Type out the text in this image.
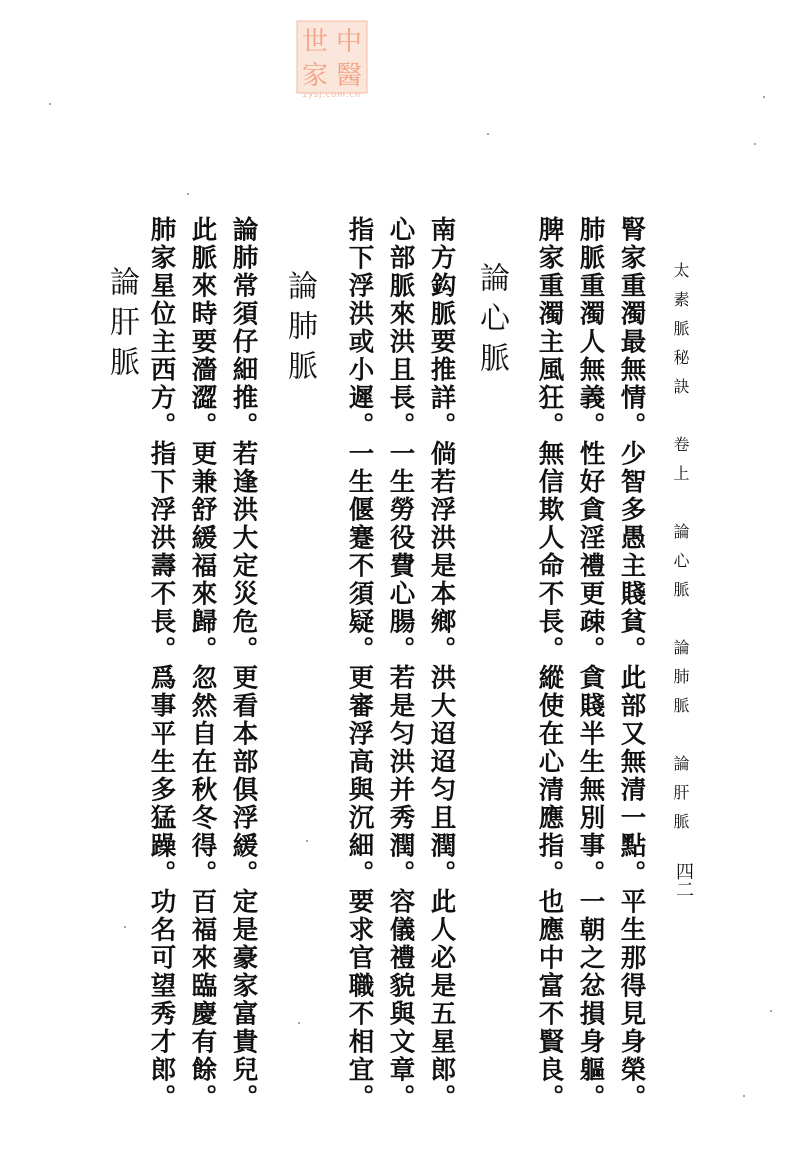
中
醫
世
家
zysj.com.cn
太素脈秘訣　卷上　論心脈　論肺脈　論肝脈
四二
腎家重濁最無情。少智多愚主賤貧。此部又無清一點。平生那得見身榮。
肺脈重濁人無義。性好貪淫禮更疎。貪賤半生無別事。一朝之忿損身軀。
脾家重濁主風狂。無信欺人命不長。縱使在心清應指。也應中富不賢良。
論心脈
南方鈎脈要推詳。倘若浮洪是本鄉。洪大迢迢匀且潤。此人必是五星郎。
心部脈來洪且長。一生勞役費心腸。若是匀洪并秀潤。容儀禮貌與文章。
指下浮洪或小遲。一生偃蹇不須疑。更審浮高與沉細。要求官職不相宜。
論肺脈
論肺常須仔細推。若逢洪大定災危。更看本部俱浮緩。定是豪家富貴兒。
此脈來時要濇澀。更兼舒緩福來歸。忽然自在秋冬得。百福來臨慶有餘。
肺家星位主西方。指下浮洪壽不長。爲事平生多猛躁。功名可望秀才郎。
論肝脈
